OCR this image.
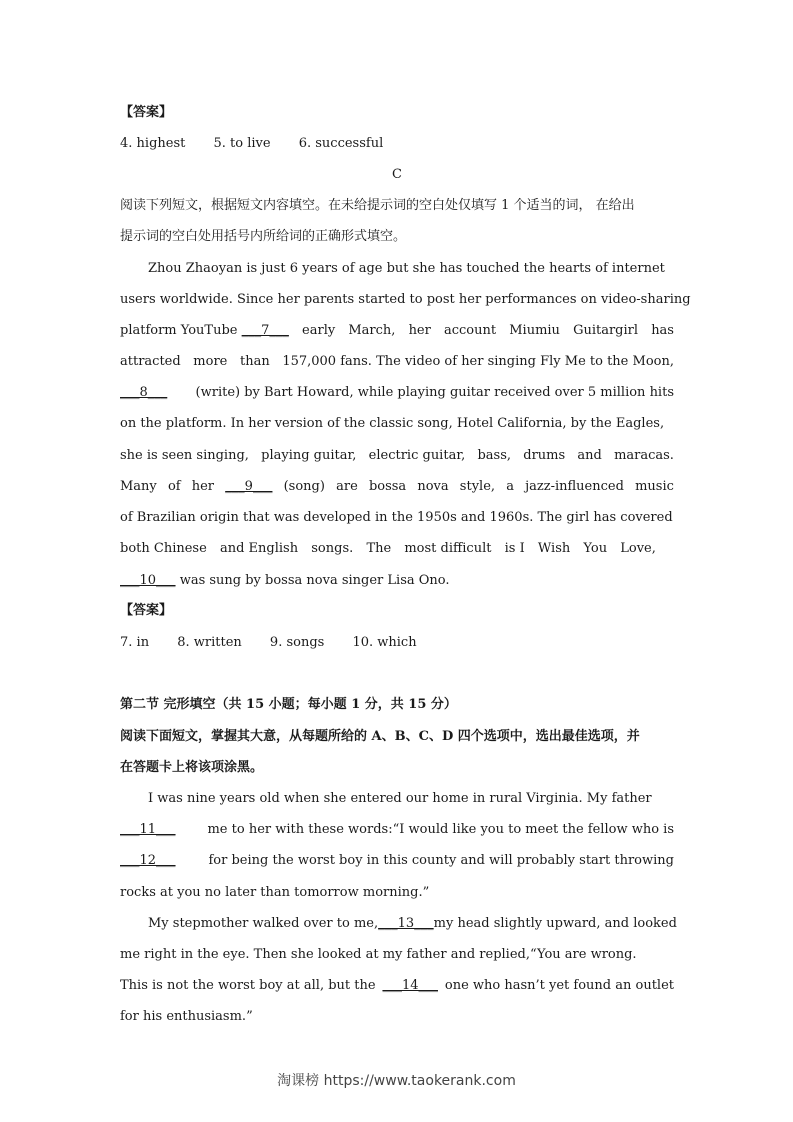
【答案】
4. highest 5. to live 6. successful
C
阅读下列短文，根据短文内容填空。在未给提示词的空白处仅填写 1 个适当的词， 在给出
提示词的空白处用括号内所给词的正确形式填空。
Zhou Zhaoyan is just 6 years of age but she has touched the hearts of internet
users worldwide. Since her parents started to post her performances on video-sharing
platform YouTube ___7___ early March, her account Miumiu Guitargirl has
attracted more than 157,000 fans. The video of her singing Fly Me to the Moon,
___8___ (write) by Bart Howard, while playing guitar received over 5 million hits
on the platform. In her version of the classic song, Hotel California, by the Eagles,
she is seen singing, playing guitar, electric guitar, bass, drums and maracas.
Many of her ___9___ (song) are bossa nova style, a jazz-influenced music
of Brazilian origin that was developed in the 1950s and 1960s. The girl has covered
both Chinese and English songs. The most difficult is I Wish You Love,
___10___ was sung by bossa nova singer Lisa Ono.
【答案】
7. in 8. written 9. songs 10. which
第二节 完形填空（共 15 小题；每小题 1 分，共 15 分）
阅读下面短文，掌握其大意，从每题所给的 A、B、C、D 四个选项中，选出最佳选项，并
在答题卡上将该项涂黑。
I was nine years old when she entered our home in rural Virginia. My father
___11___ me to her with these words:“I would like you to meet the fellow who is
___12___	for being the worst boy in this county and will probably start throwing
rocks at you no later than tomorrow morning.”
My stepmother walked over to me, ___13___ my head slightly upward, and looked
me right in the eye. Then she looked at my father and replied,“You are wrong.
This is not the worst boy at all, but the ___14___ one who hasn’t yet found an outlet
for his enthusiasm.”
淘课榜 https://www.taokerank.com
